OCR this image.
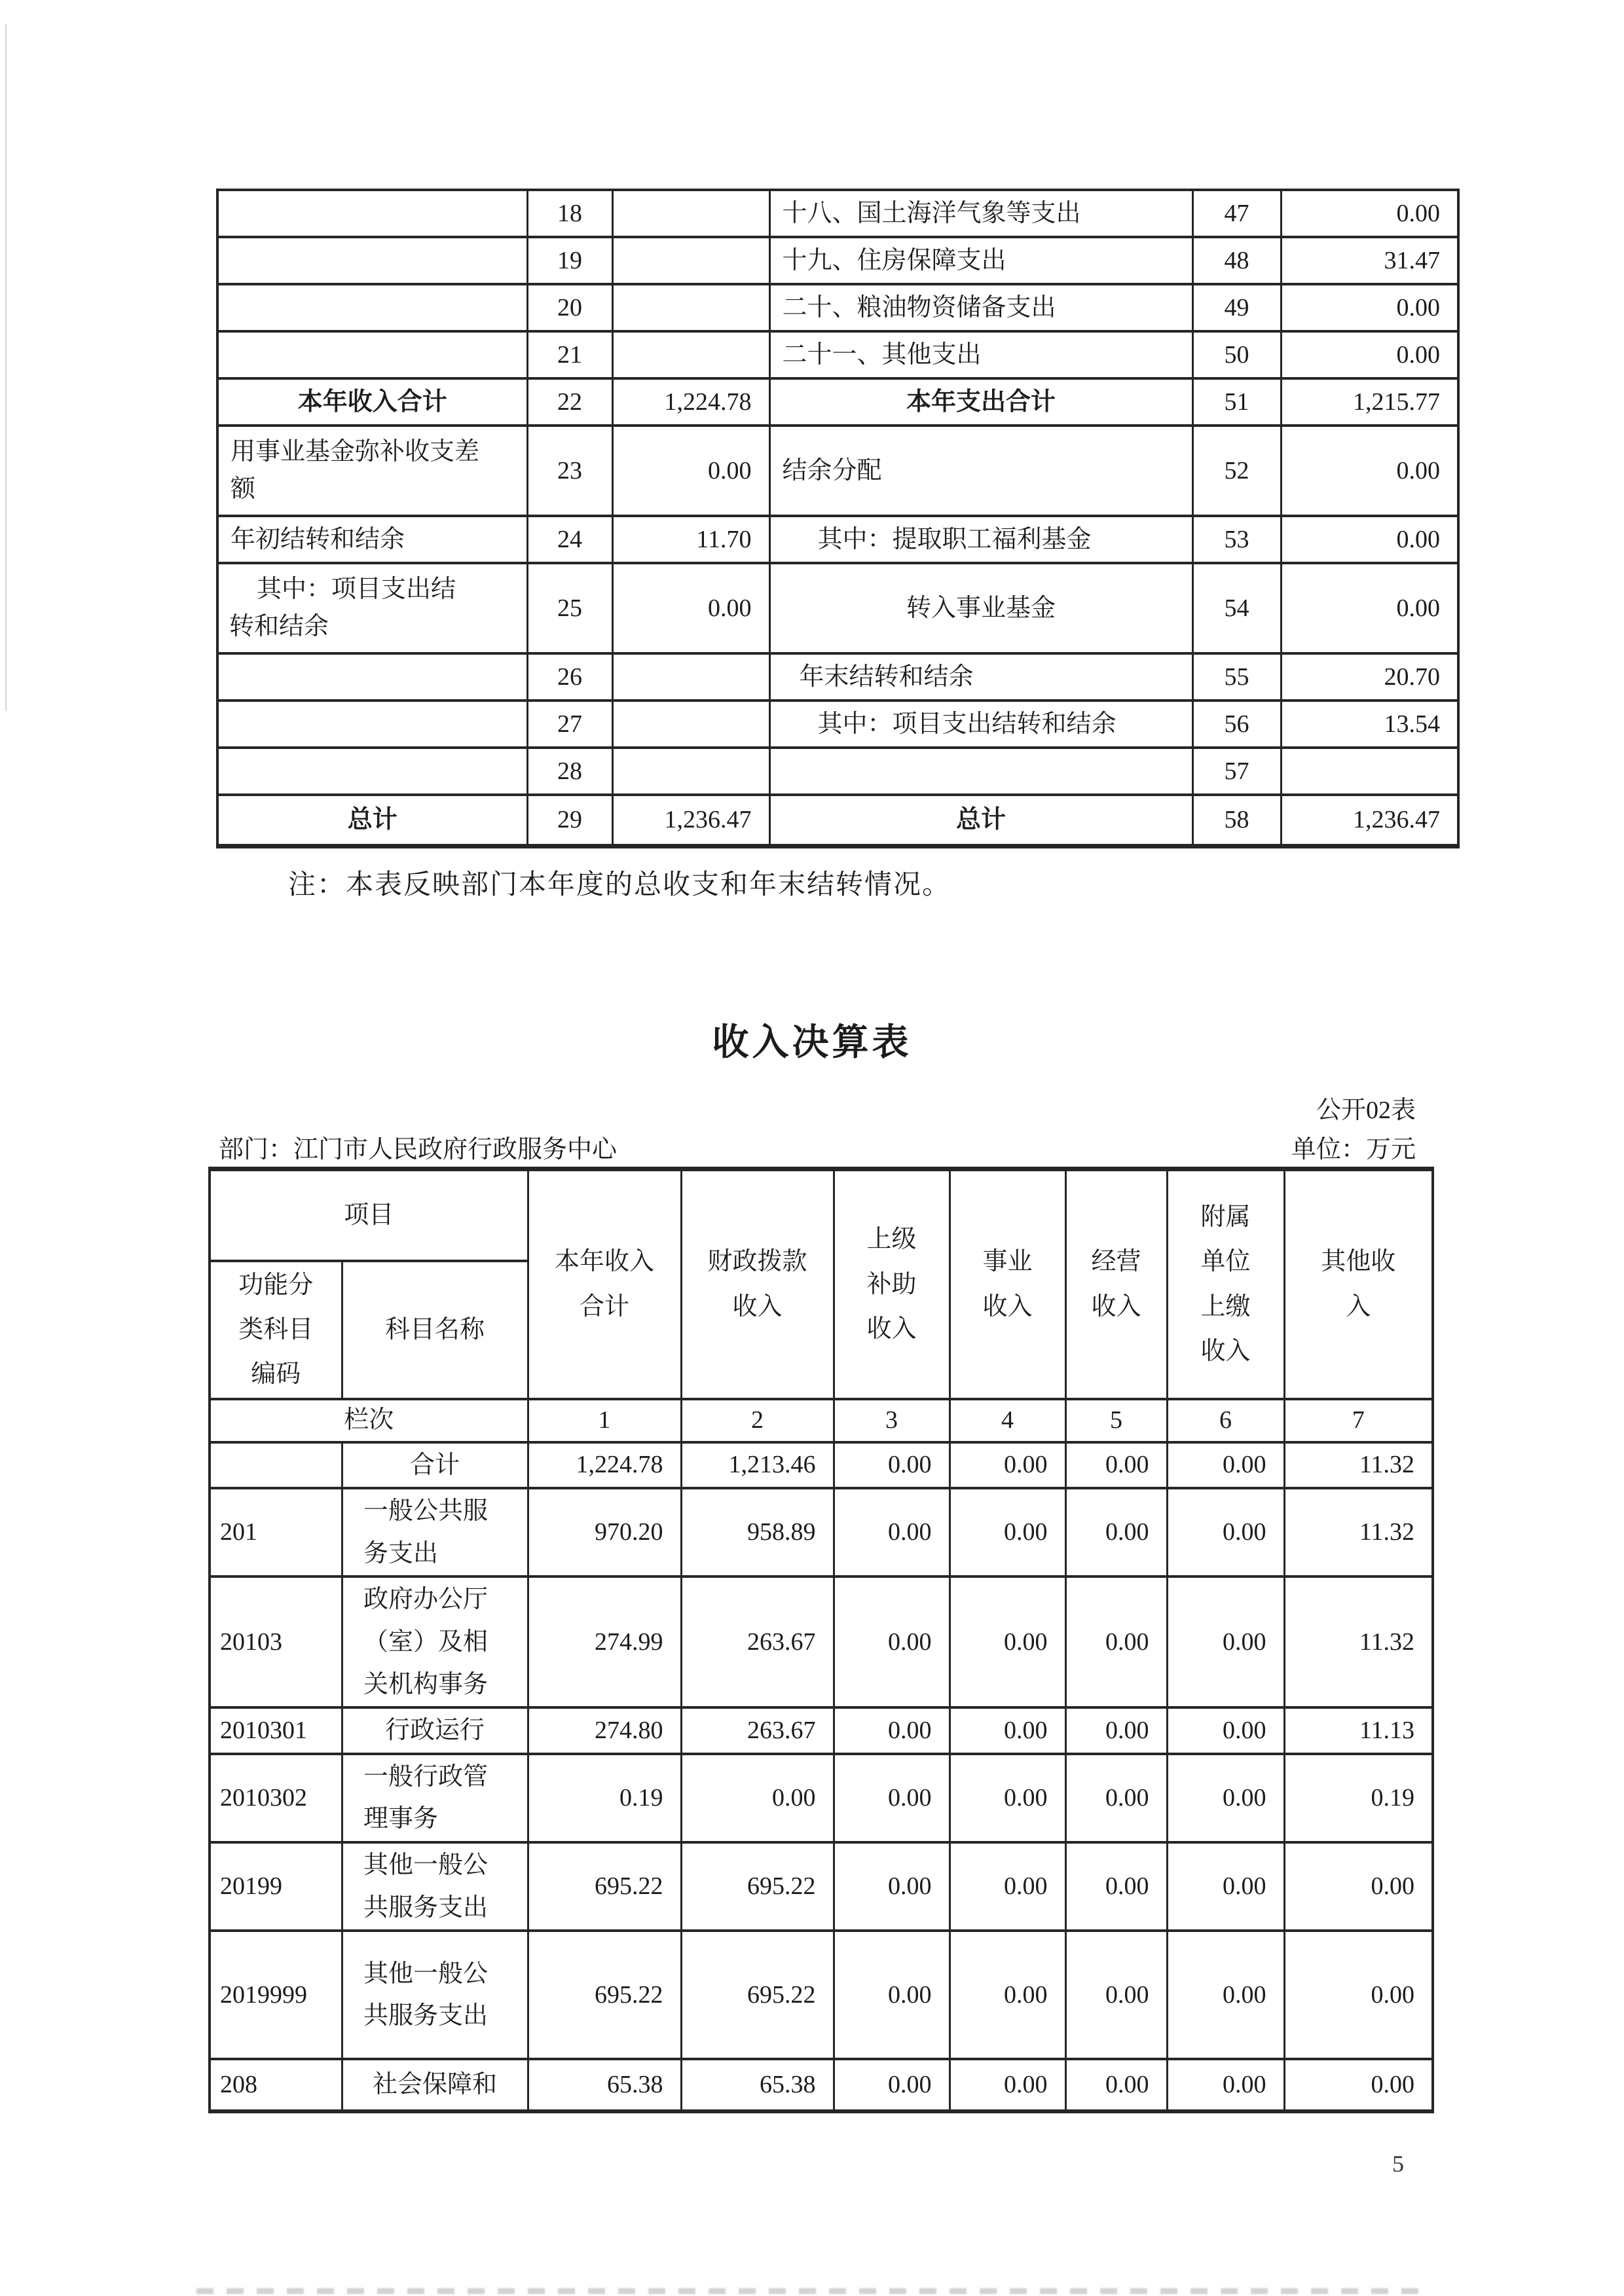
	18		十八、国土海洋气象等支出	47	0.00
	19		十九、住房保障支出	48	31.47
	20		二十、粮油物资储备支出	49	0.00
	21		二十一、其他支出	50	0.00
本年收入合计	22	1,224.78	本年支出合计	51	1,215.77
用事业基金弥补收支差额	23	0.00	结余分配	52	0.00
年初结转和结余	24	11.70	其中：提取职工福利基金	53	0.00
其中：项目支出结转和结余	25	0.00	转入事业基金	54	0.00
	26		年末结转和结余	55	20.70
	27		其中：项目支出结转和结余	56	13.54
	28			57	
总计	29	1,236.47	总计	58	1,236.47
注：本表反映部门本年度的总收支和年末结转情况。
收入决算表
公开02表
部门：江门市人民政府行政服务中心	单位：万元
项目		本年收入合计	财政拨款收入	上级补助收入	事业收入	经营收入	附属单位上缴收入	其他收入
功能分类科目编码	科目名称							
栏次		1	2	3	4	5	6	7
	合计	1,224.78	1,213.46	0.00	0.00	0.00	0.00	11.32
201	一般公共服务支出	970.20	958.89	0.00	0.00	0.00	0.00	11.32
20103	政府办公厅（室）及相关机构事务	274.99	263.67	0.00	0.00	0.00	0.00	11.32
2010301	行政运行	274.80	263.67	0.00	0.00	0.00	0.00	11.13
2010302	一般行政管理事务	0.19	0.00	0.00	0.00	0.00	0.00	0.19
20199	其他一般公共服务支出	695.22	695.22	0.00	0.00	0.00	0.00	0.00
2019999	其他一般公共服务支出	695.22	695.22	0.00	0.00	0.00	0.00	0.00
208	社会保障和	65.38	65.38	0.00	0.00	0.00	0.00	0.00
5
